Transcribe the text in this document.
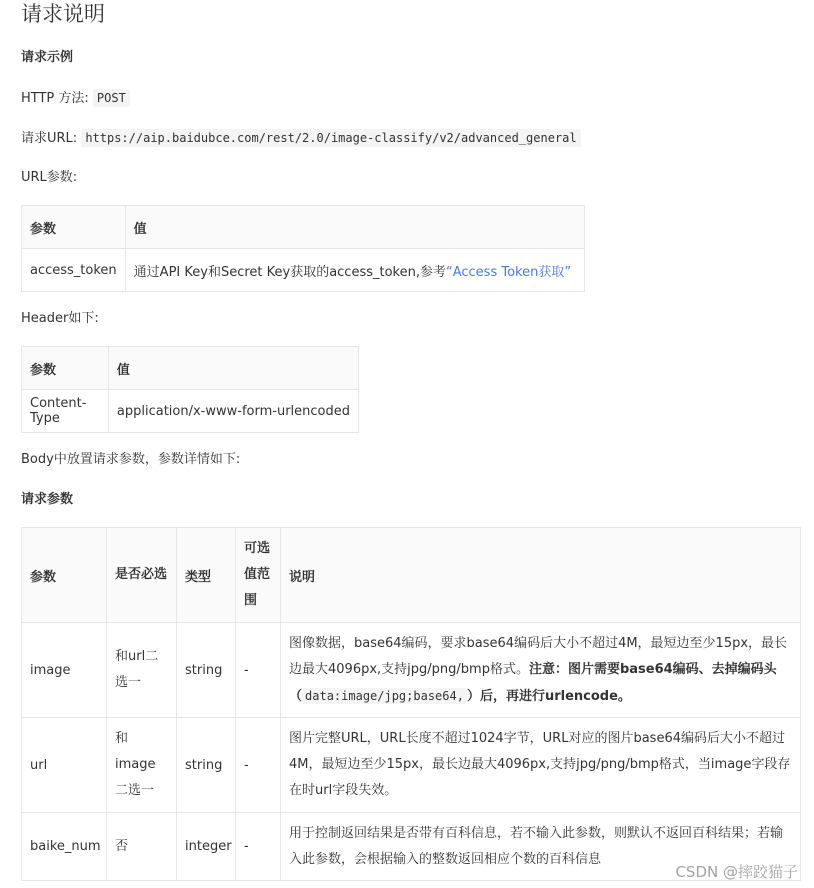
请求说明
请求示例
HTTP 方法: POST
请求URL: https://aip.baidubce.com/rest/2.0/image-classify/v2/advanced_general
URL参数:
参数	值
access_token	通过API Key和Secret Key获取的access_token,参考“Access Token获取”
Header如下:
参数	值
Content-Type	application/x-www-form-urlencoded
Body中放置请求参数，参数详情如下:
请求参数
参数	是否必选	类型	可选值范围	说明
image	和url二选一	string	-	图像数据，base64编码，要求base64编码后大小不超过4M，最短边至少15px，最长边最大4096px,支持jpg/png/bmp格式。注意：图片需要base64编码、去掉编码头（ data:image/jpg;base64, ）后，再进行urlencode。
url	和image二选一	string	-	图片完整URL，URL长度不超过1024字节，URL对应的图片base64编码后大小不超过4M，最短边至少15px，最长边最大4096px,支持jpg/png/bmp格式，当image字段存在时url字段失效。
baike_num	否	integer	-	用于控制返回结果是否带有百科信息，若不输入此参数，则默认不返回百科结果；若输入此参数，会根据输入的整数返回相应个数的百科信息
CSDN @摔跤猫子
